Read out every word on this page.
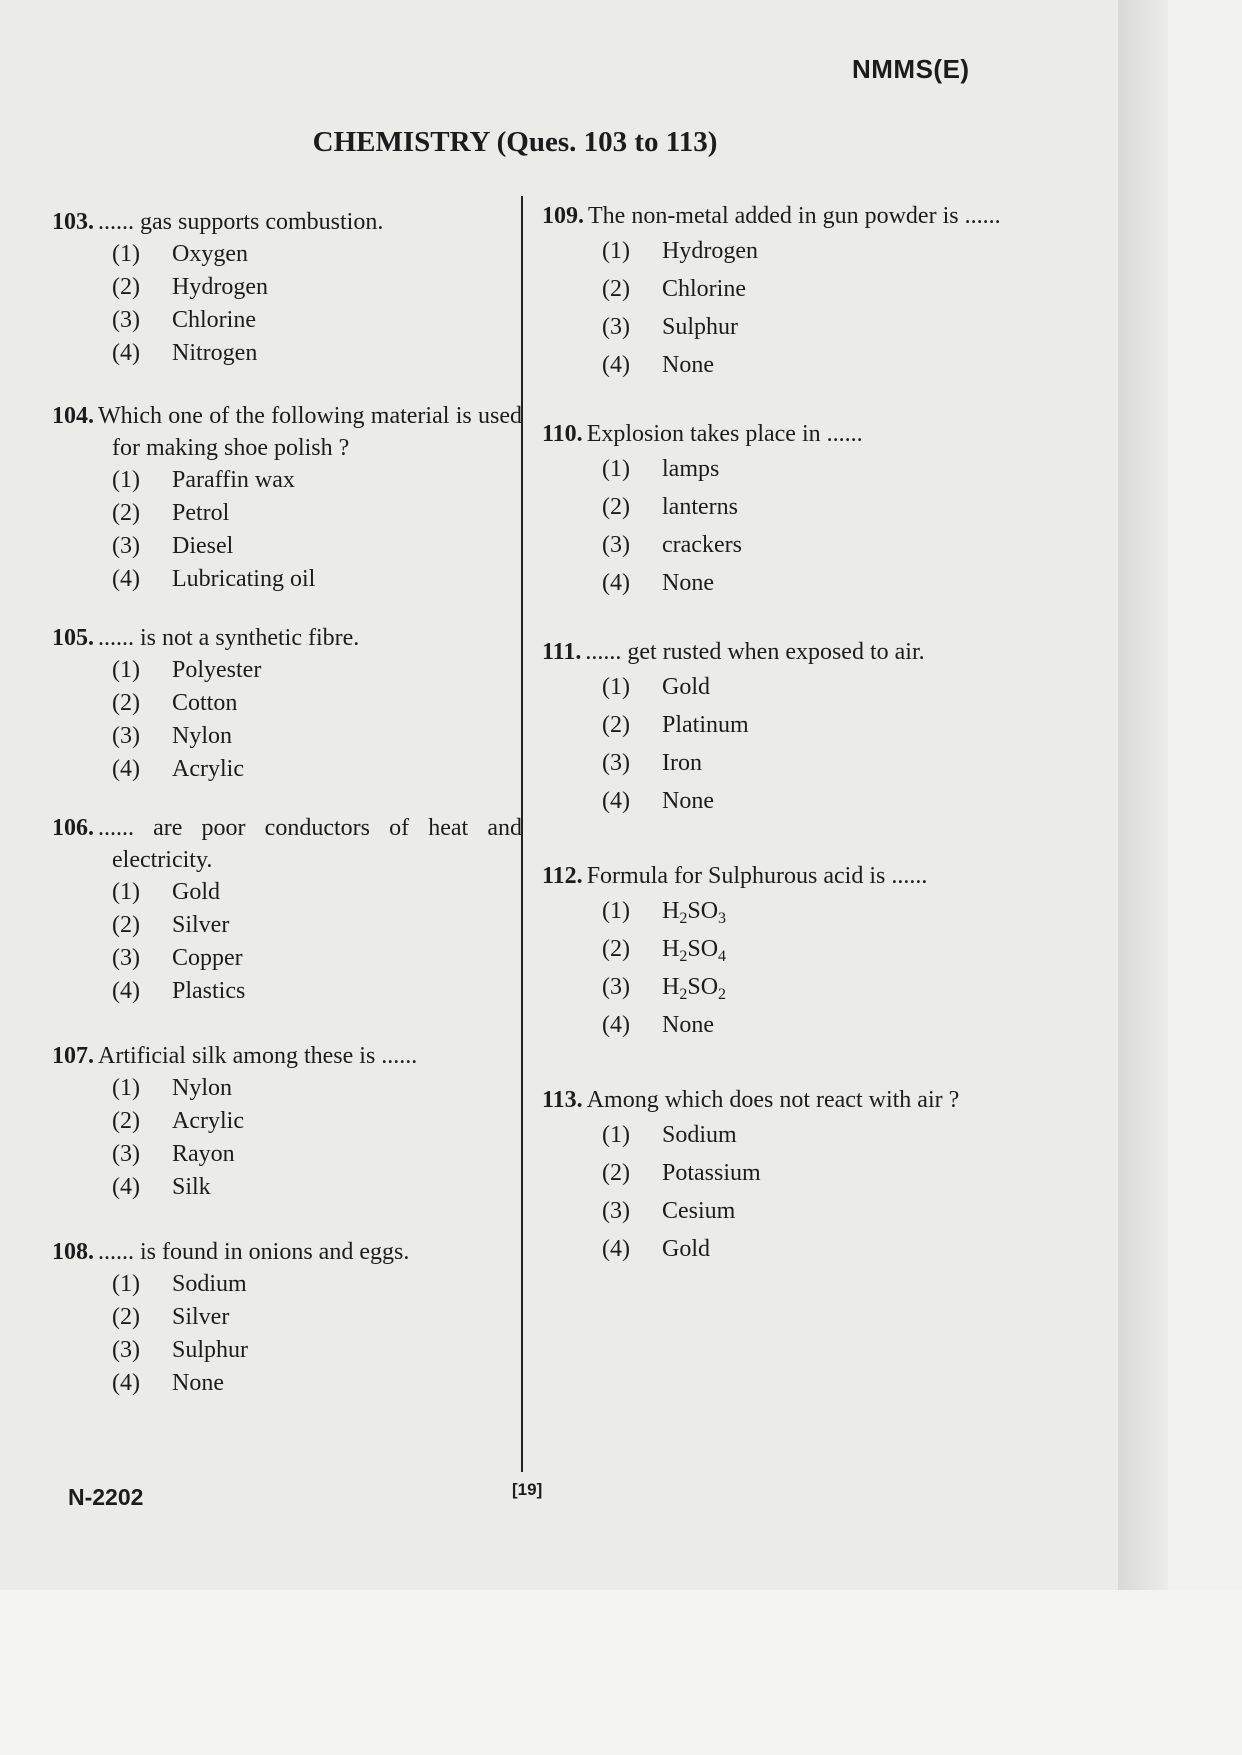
NMMS(E)
CHEMISTRY (Ques. 103 to 113)

103. ...... gas supports combustion.

(1)	Oxygen
(2)	Hydrogen
(3)	Chlorine
(4)	Nitrogen

104. Which one of the following material is used for making shoe polish ?

(1)	Paraffin wax
(2)	Petrol
(3)	Diesel
(4)	Lubricating oil

105. ...... is not a synthetic fibre.

(1)	Polyester
(2)	Cotton
(3)	Nylon
(4)	Acrylic

106. ...... are poor conductors of heat and electricity.

(1)	Gold
(2)	Silver
(3)	Copper
(4)	Plastics

107. Artificial silk among these is ......

(1)	Nylon
(2)	Acrylic
(3)	Rayon
(4)	Silk

108. ...... is found in onions and eggs.

(1)	Sodium
(2)	Silver
(3)	Sulphur
(4)	None

109. The non-metal added in gun powder is ......

(1)	Hydrogen
(2)	Chlorine
(3)	Sulphur
(4)	None

110. Explosion takes place in ......

(1)	lamps
(2)	lanterns
(3)	crackers
(4)	None

111. ...... get rusted when exposed to air.

(1)	Gold
(2)	Platinum
(3)	Iron
(4)	None

112. Formula for Sulphurous acid is ......

(1)	$H_2SO_3$
(2)	$H_2SO_4$
(3)	$H_2SO_2$
(4)	None

113. Among which does not react with air ?

(1)	Sodium
(2)	Potassium
(3)	Cesium
(4)	Gold
N-2202	[19]
